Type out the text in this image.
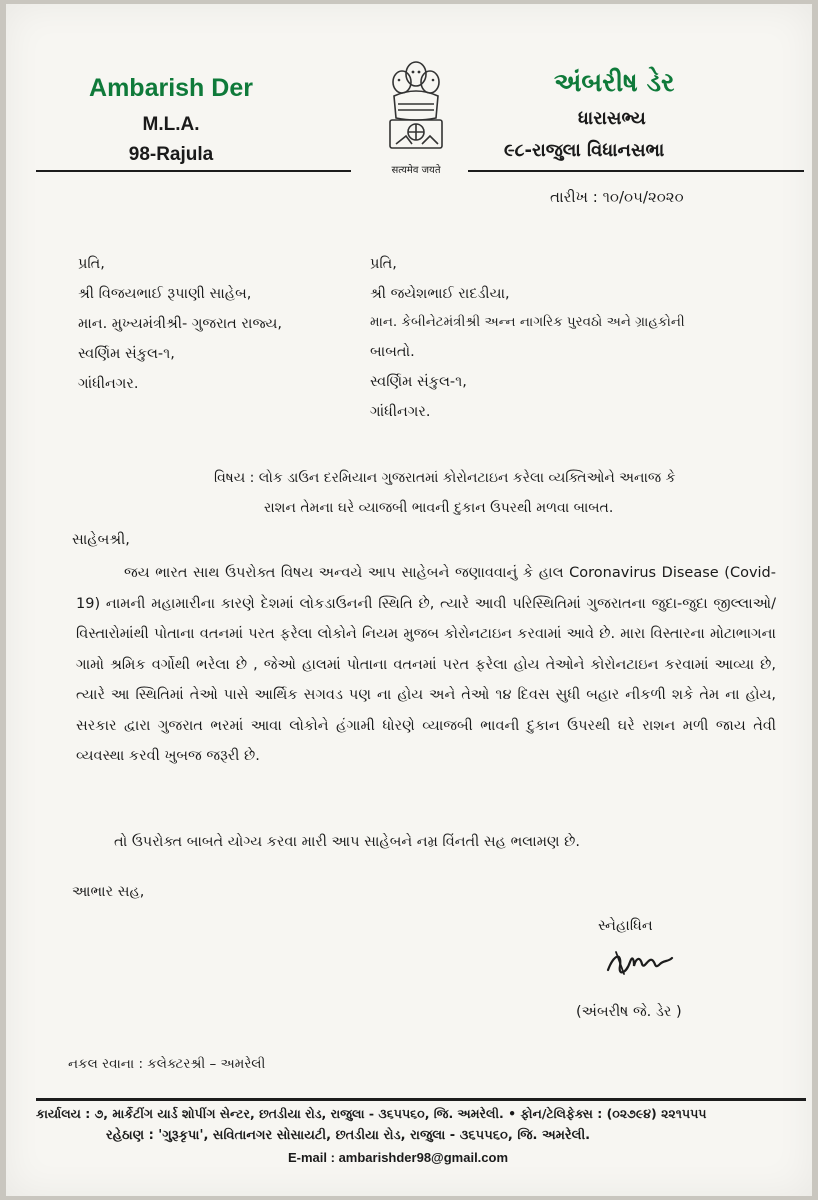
Ambarish Der
M.L.A.
98-Rajula
सत्यमेव जयते
અંબરીષ ડેર
ધારાસભ્ય
૯૮-રાજુલા વિધાનસભા
તારીખ : ૧૦/૦૫/૨૦૨૦
પ્રતિ,
શ્રી વિજયભાઈ રૂપાણી સાહેબ,
માન. મુખ્યમંત્રીશ્રી- ગુજરાત રાજ્ય,
સ્વર્ણિમ સંકુલ-૧,
ગાંધીનગર.
પ્રતિ,
શ્રી જયેશભાઈ રાદડીયા,
માન. કેબીનેટમંત્રીશ્રી અન્ન નાગરિક પુરવઠો અને ગ્રાહકોની
બાબતો.
સ્વર્ણિમ સંકુલ-૧,
ગાંધીનગર.
વિષય : લોક ડાઉન દરમિયાન ગુજરાતમાં કોરોનટાઇન કરેલા વ્યક્તિઓને અનાજ કે
રાશન તેમના ઘરે વ્યાજબી ભાવની દુકાન ઉપરથી મળવા બાબત.
સાહેબશ્રી,
જય ભારત સાથ ઉપરોક્ત વિષય અન્વયે આપ સાહેબને જણાવવાનું કે હાલ Coronavirus Disease (Covid-19) નામની મહામારીના કારણે દેશમાં લોકડાઉનની સ્થિતિ છે, ત્યારે આવી પરિસ્થિતિમાં ગુજરાતના જુદા-જુદા જીલ્લાઓ/વિસ્તારોમાંથી પોતાના વતનમાં પરત ફરેલા લોકોને નિયમ મુજબ કોરોનટાઇન કરવામાં આવે છે. મારા વિસ્તારના મોટાભાગના ગામો શ્રમિક વર્ગોથી ભરેલા છે , જેઓ હાલમાં પોતાના વતનમાં પરત ફરેલા હોય તેઓને કોરોનટાઇન કરવામાં આવ્યા છે, ત્યારે આ સ્થિતિમાં તેઓ પાસે આર્થિક સગવડ પણ ના હોય અને તેઓ ૧૪ દિવસ સુધી બહાર નીકળી શકે તેમ ના હોય, સરકાર દ્વારા ગુજરાત ભરમાં આવા લોકોને હંગામી ધોરણે વ્યાજબી ભાવની દુકાન ઉપરથી ઘરે રાશન મળી જાય તેવી વ્યવસ્થા કરવી ખુબજ જરૂરી છે.
તો ઉપરોક્ત બાબતે યોગ્ય કરવા મારી આપ સાહેબને નમ્ર વિંનતી સહ ભલામણ છે.
આભાર સહ,
સ્નેહાધિન
(અંબરીષ જે. ડેર )
નકલ રવાના : કલેક્ટરશ્રી – અમરેલી
કાર્યાલય : ૭, માર્કેટીંગ યાર્ડ શોપીંગ સેન્ટર, છતડીયા રોડ, રાજુલા - ૩૬૫૫૬૦, જિ. અમરેલી. • ફોન/ટેલિફેક્સ : (૦૨૭૯૪) ૨૨૧૫૫૫
રહેઠાણ : 'ગુરૂકૃપા', સવિતાનગર સોસાયટી, છતડીયા રોડ, રાજુલા - ૩૬૫૫૬૦, જિ. અમરેલી.
E-mail : ambarishder98@gmail.com
